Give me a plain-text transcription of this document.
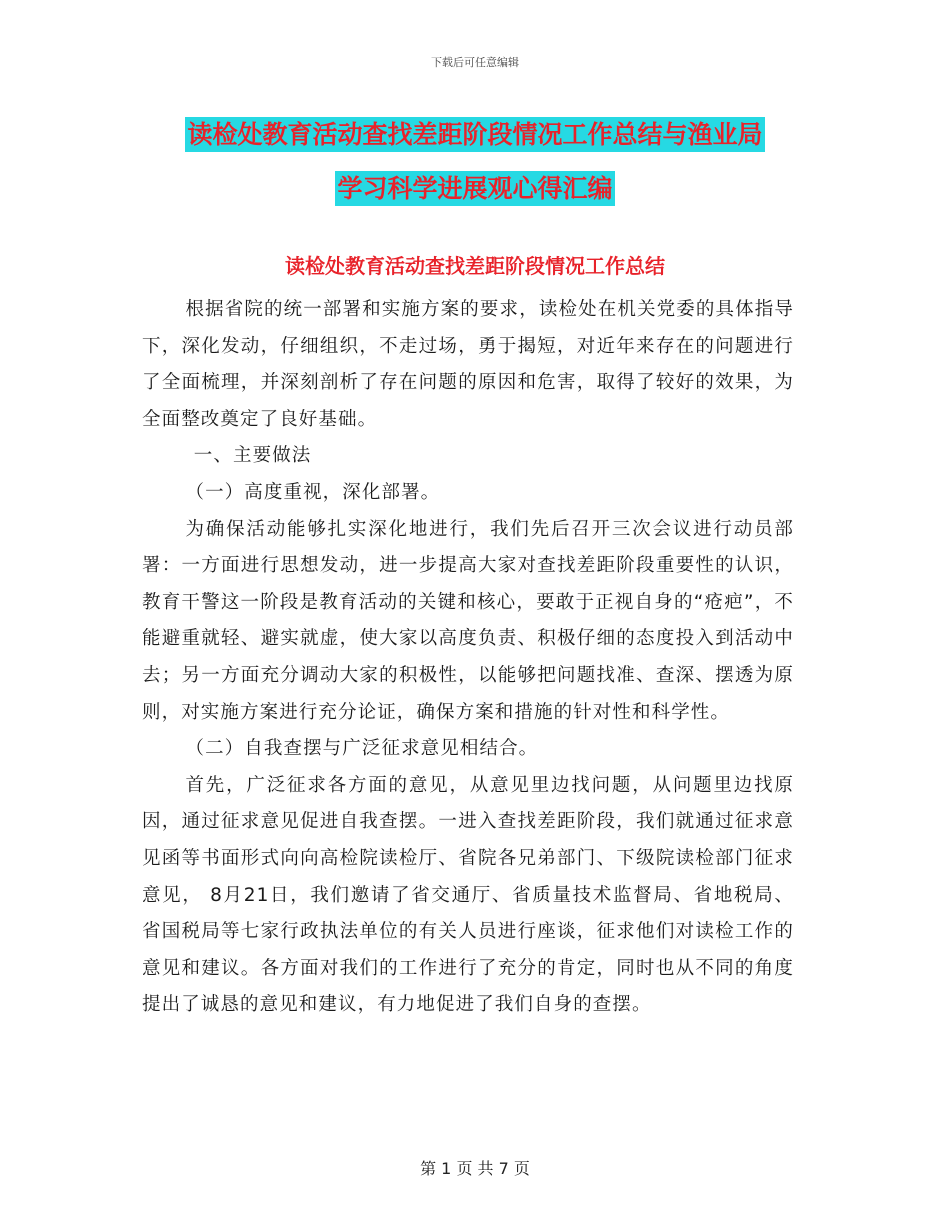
下载后可任意编辑
读检处教育活动查找差距阶段情况工作总结与渔业局
学习科学进展观心得汇编
读检处教育活动查找差距阶段情况工作总结

根据省院的统一部署和实施方案的要求，读检处在机关党委的具体指导下，深化发动，仔细组织，不走过场，勇于揭短，对近年来存在的问题进行了全面梳理，并深刻剖析了存在问题的原因和危害，取得了较好的效果，为全面整改奠定了良好基础。

一、主要做法

（一）高度重视，深化部署。

为确保活动能够扎实深化地进行，我们先后召开三次会议进行动员部署：一方面进行思想发动，进一步提高大家对查找差距阶段重要性的认识，教育干警这一阶段是教育活动的关键和核心，要敢于正视自身的“疮疤”，不能避重就轻、避实就虚，使大家以高度负责、积极仔细的态度投入到活动中去；另一方面充分调动大家的积极性，以能够把问题找准、查深、摆透为原则，对实施方案进行充分论证，确保方案和措施的针对性和科学性。

（二）自我查摆与广泛征求意见相结合。

首先，广泛征求各方面的意见，从意见里边找问题，从问题里边找原因，通过征求意见促进自我查摆。一进入查找差距阶段，我们就通过征求意见函等书面形式向向高检院读检厅、省院各兄弟部门、下级院读检部门征求意见， 8月21日，我们邀请了省交通厅、省质量技术监督局、省地税局、省国税局等七家行政执法单位的有关人员进行座谈，征求他们对读检工作的意见和建议。各方面对我们的工作进行了充分的肯定，同时也从不同的角度提出了诚恳的意见和建议，有力地促进了我们自身的查摆。

第 1 页 共 7 页
